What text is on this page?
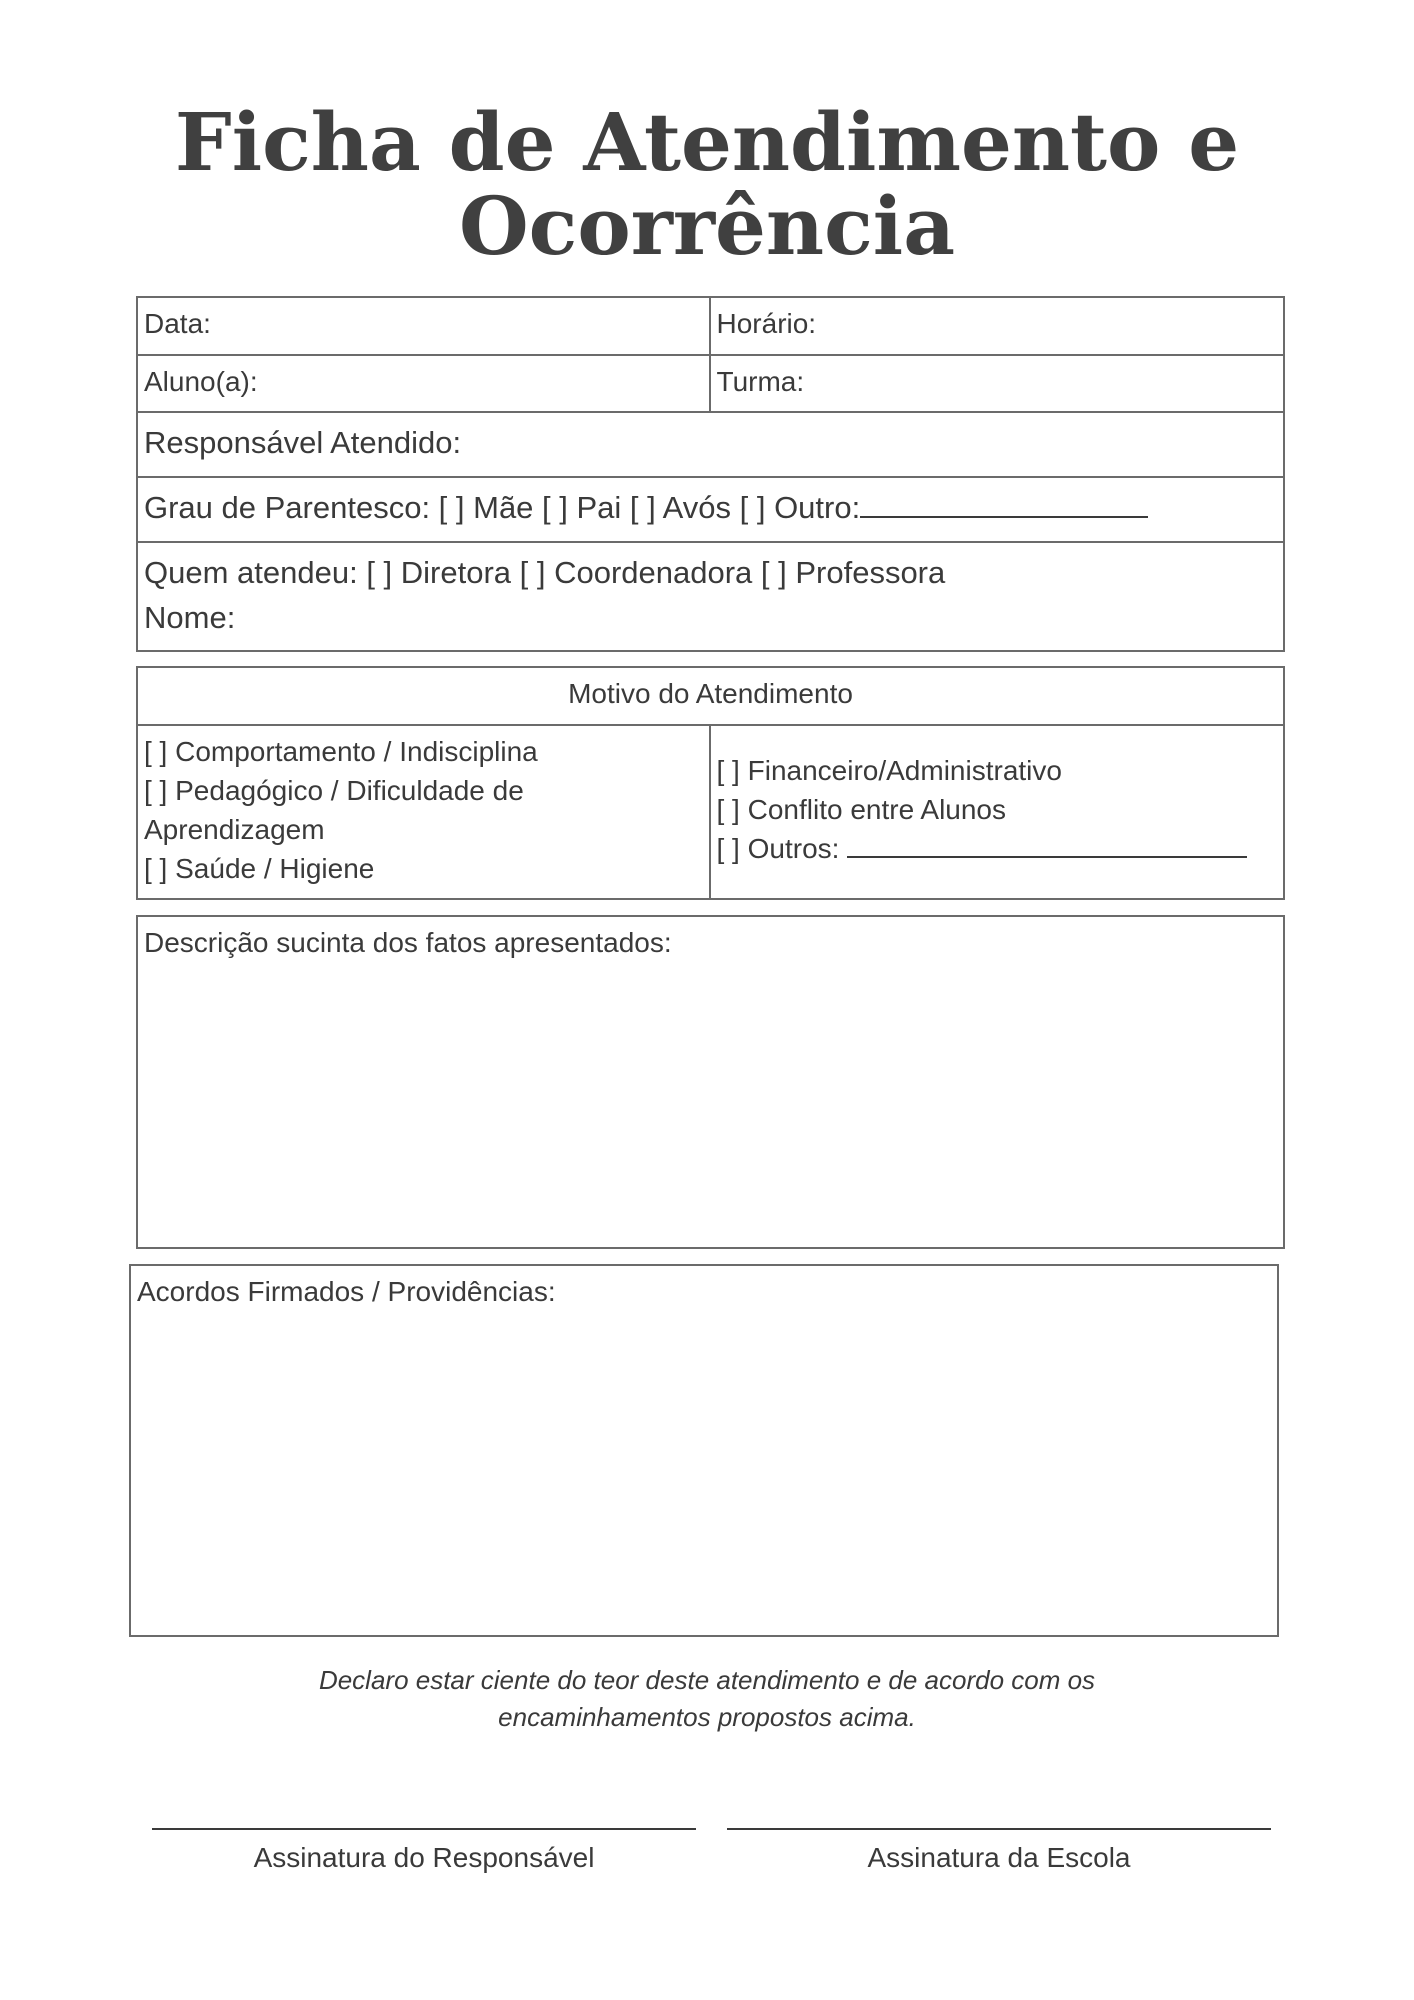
Ficha de Atendimento e
Ocorrência
Data:	Horário:
Aluno(a):	Turma:
Responsável Atendido:
Grau de Parentesco: [ ] Mãe [ ] Pai [ ] Avós [ ] Outro:
Quem atendeu: [ ] Diretora [ ] Coordenadora [ ] Professora
Nome:
Motivo do Atendimento
[ ] Comportamento / Indisciplina
[ ] Pedagógico / Dificuldade de
Aprendizagem
[ ] Saúde / Higiene
[ ] Financeiro/Administrativo
[ ] Conflito entre Alunos
[ ] Outros:
Descrição sucinta dos fatos apresentados:
Acordos Firmados / Providências:
Declaro estar ciente do teor deste atendimento e de acordo com os
encaminhamentos propostos acima.
Assinatura do Responsável	Assinatura da Escola
